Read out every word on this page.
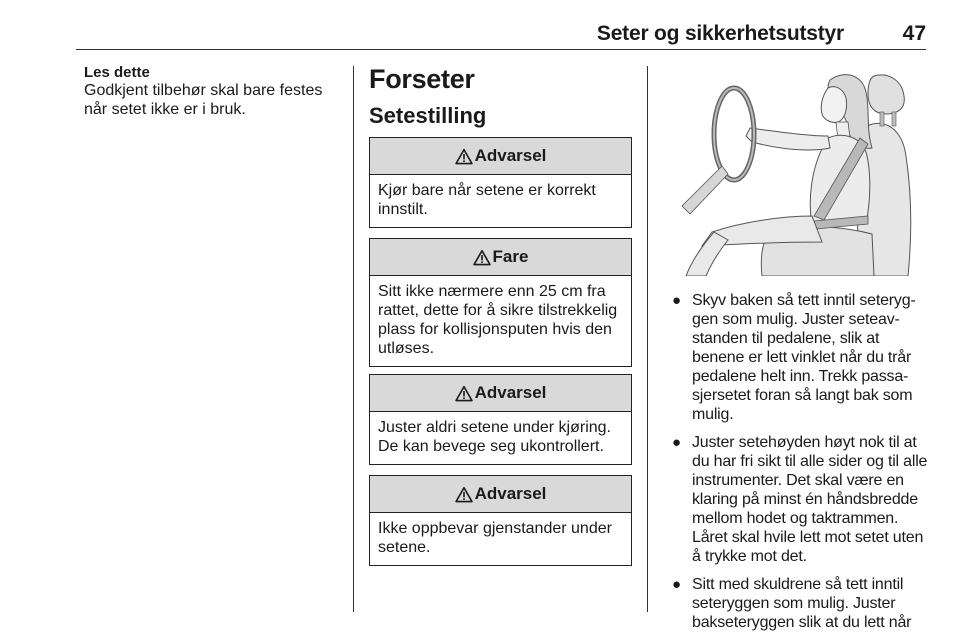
Seter og sikkerhetsutstyr	47
Les dette
Godkjent tilbehør skal bare festes
når setet ikke er i bruk.
Forseter
Setestilling
Advarsel
Kjør bare når setene er korrekt
innstilt.
Fare
Sitt ikke nærmere enn 25 cm fra
rattet, dette for å sikre tilstrekkelig
plass for kollisjonsputen hvis den
utløses.
Advarsel
Juster aldri setene under kjøring.
De kan bevege seg ukontrollert.
Advarsel
Ikke oppbevar gjenstander under
setene.
● Skyv baken så tett inntil seteryg-
gen som mulig. Juster seteav-
standen til pedalene, slik at
benene er lett vinklet når du trår
pedalene helt inn. Trekk passa-
sjersetet foran så langt bak som
mulig.
● Juster setehøyden høyt nok til at
du har fri sikt til alle sider og til alle
instrumenter. Det skal være en
klaring på minst én håndsbredde
mellom hodet og taktrammen.
Låret skal hvile lett mot setet uten
å trykke mot det.
● Sitt med skuldrene så tett inntil
seteryggen som mulig. Juster
bakseteryggen slik at du lett når
